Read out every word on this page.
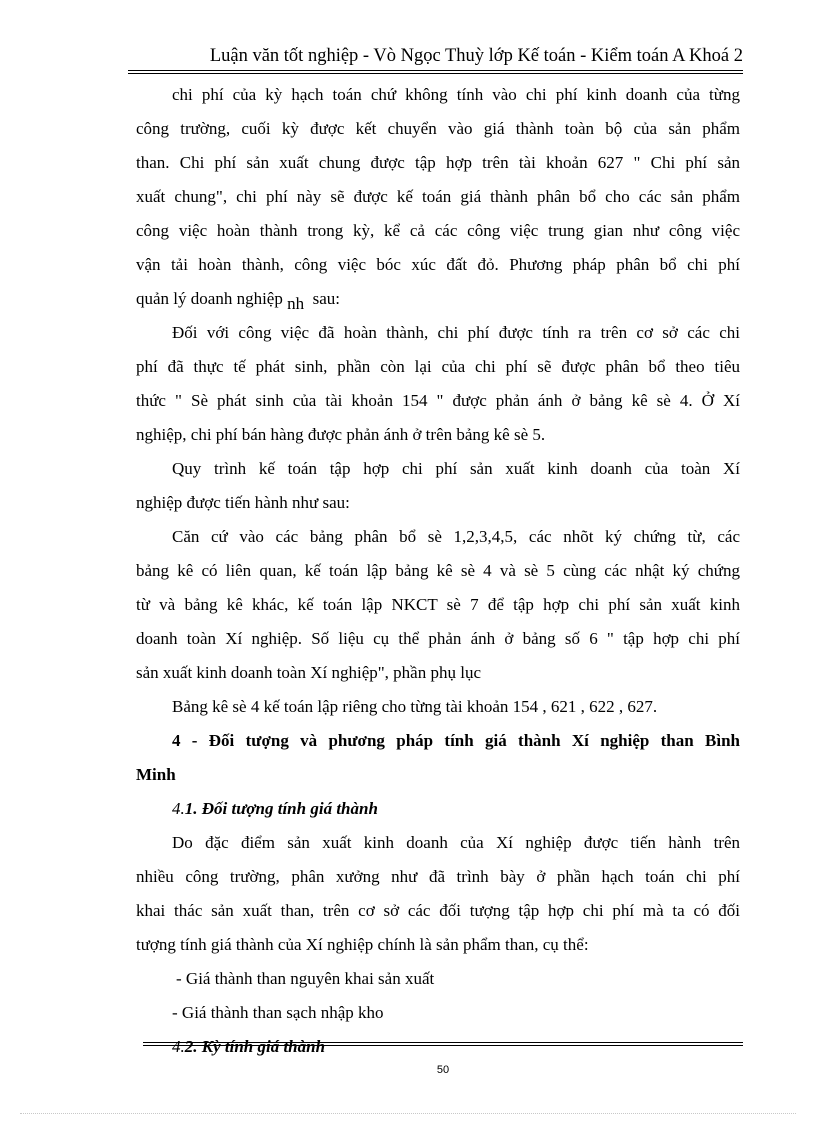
Luận văn tốt nghiệp - Vò Ngọc Thuỳ lớp Kế toán - Kiểm toán A Khoá 2
chi phí của kỳ hạch toán chứ không tính vào chi phí kinh doanh của từng
công trường, cuối kỳ được kết chuyển vào giá thành toàn bộ của sản phẩm
than. Chi phí sản xuất chung được tập hợp trên tài khoản 627 " Chi phí sản
xuất chung", chi phí này sẽ được kế toán giá thành phân bổ cho các sản phẩm
công việc hoàn thành trong kỳ, kể cả các công việc trung gian như công việc
vận tải hoàn thành, công việc bóc xúc đất đỏ. Phương pháp phân bổ chi phí
quản lý doanh nghiệp nh sau:
Đối với công việc đã hoàn thành, chi phí được tính ra trên cơ sở các chi
phí đã thực tế phát sinh, phần còn lại của chi phí sẽ được phân bổ theo tiêu
thức " Sè phát sinh của tài khoản 154 " được phản ánh ở bảng kê sè 4. Ở Xí
nghiệp, chi phí bán hàng được phản ánh ở trên bảng kê sè 5.
Quy trình kế toán tập hợp chi phí sản xuất kinh doanh của toàn Xí
nghiệp được tiến hành như sau:
Căn cứ vào các bảng phân bổ sè 1,2,3,4,5, các nhõt ký chứng từ, các
bảng kê có liên quan, kế toán lập bảng kê sè 4 và sè 5 cùng các nhật ký chứng
từ và bảng kê khác, kế toán lập NKCT sè 7 để tập hợp chi phí sản xuất kinh
doanh toàn Xí nghiệp. Số liệu cụ thể phản ánh ở bảng số 6 " tập hợp chi phí
sản xuất kinh doanh toàn Xí nghiệp", phần phụ lục
Bảng kê sè 4 kế toán lập riêng cho từng tài khoản 154 , 621 , 622 , 627.
4 - Đối tượng và phương pháp tính giá thành Xí nghiệp than Bình
Minh
4.1. Đối tượng tính giá thành
Do đặc điểm sản xuất kinh doanh của Xí nghiệp được tiến hành trên
nhiều công trường, phân xưởng như đã trình bày ở phần hạch toán chi phí
khai thác sản xuất than, trên cơ sở các đối tượng tập hợp chi phí mà ta có đối
tượng tính giá thành của Xí nghiệp chính là sản phẩm than, cụ thể:
- Giá thành than nguyên khai sản xuất
- Giá thành than sạch nhập kho
4.2. Kỳ tính giá thành
50
